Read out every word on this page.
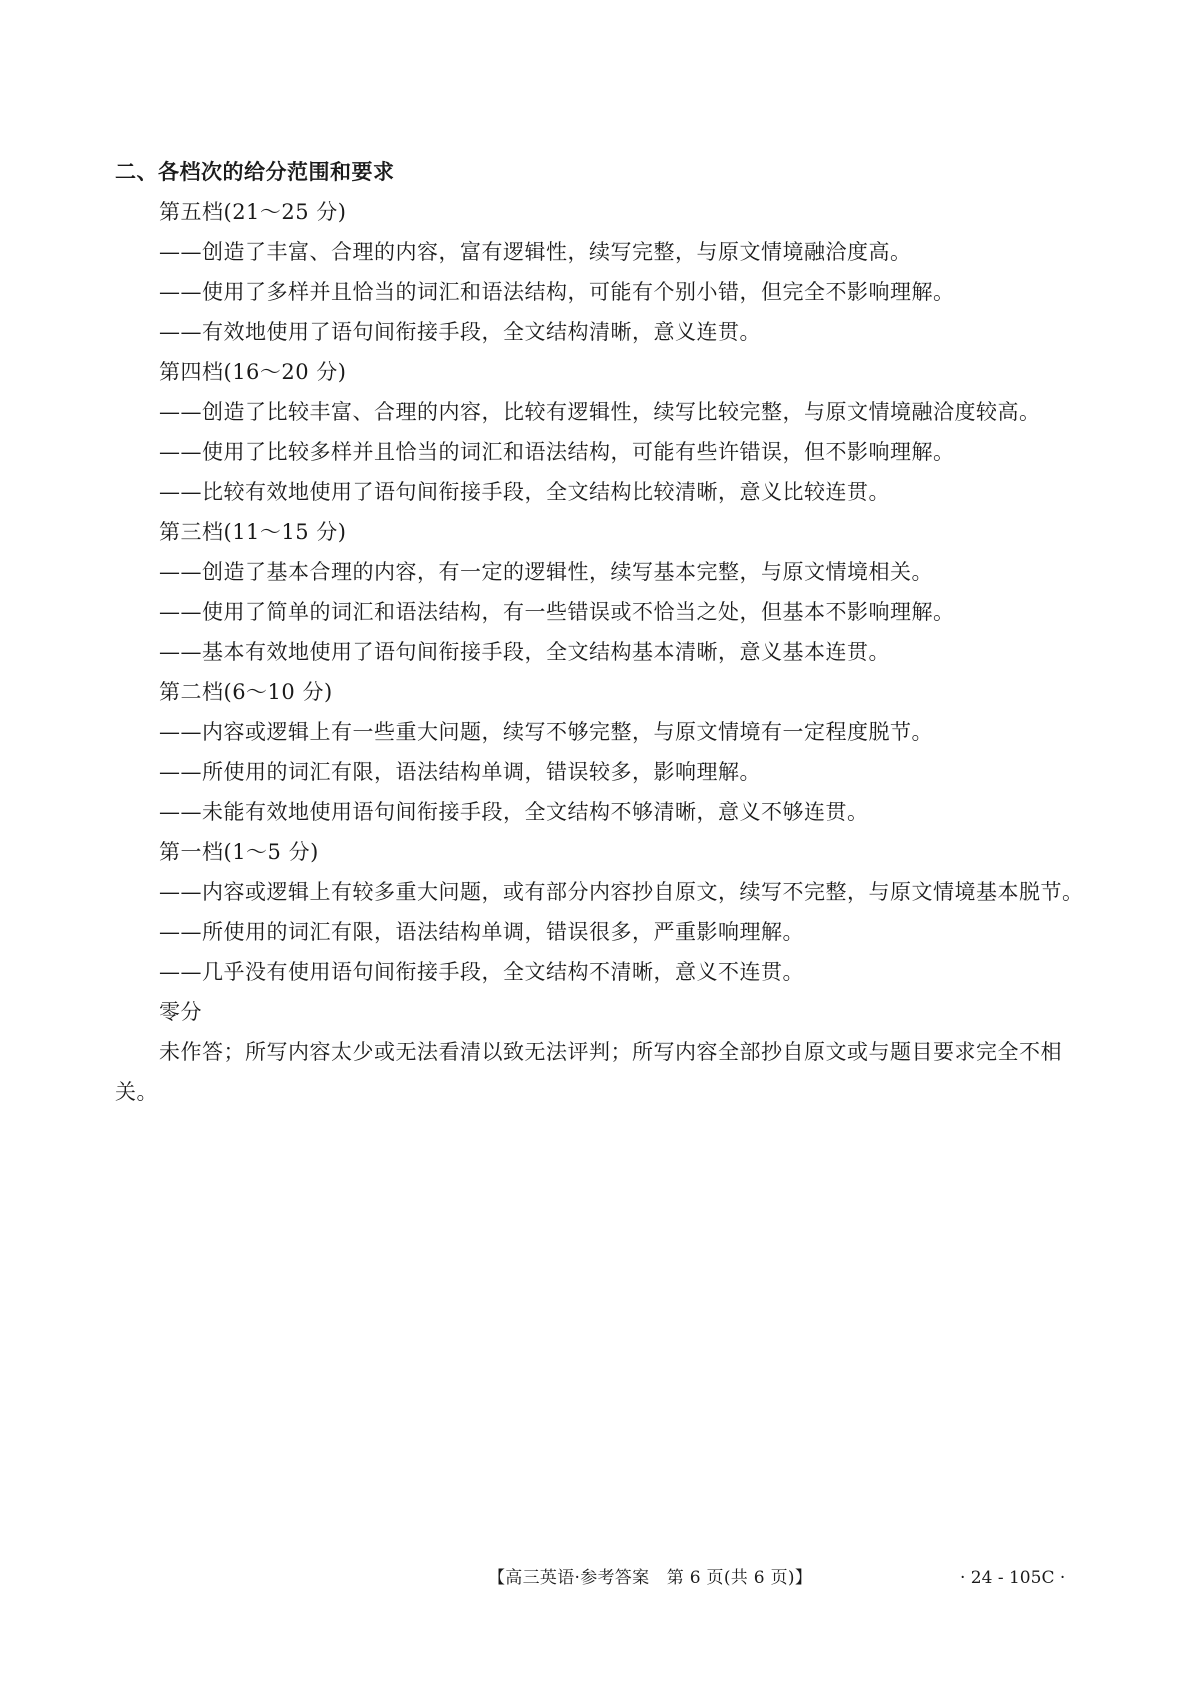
二、各档次的给分范围和要求

第五档(21～25 分)

——创造了丰富、合理的内容，富有逻辑性，续写完整，与原文情境融洽度高。

——使用了多样并且恰当的词汇和语法结构，可能有个别小错，但完全不影响理解。

——有效地使用了语句间衔接手段，全文结构清晰，意义连贯。

第四档(16～20 分)

——创造了比较丰富、合理的内容，比较有逻辑性，续写比较完整，与原文情境融洽度较高。

——使用了比较多样并且恰当的词汇和语法结构，可能有些许错误，但不影响理解。

——比较有效地使用了语句间衔接手段，全文结构比较清晰，意义比较连贯。

第三档(11～15 分)

——创造了基本合理的内容，有一定的逻辑性，续写基本完整，与原文情境相关。

——使用了简单的词汇和语法结构，有一些错误或不恰当之处，但基本不影响理解。

——基本有效地使用了语句间衔接手段，全文结构基本清晰，意义基本连贯。

第二档(6～10 分)

——内容或逻辑上有一些重大问题，续写不够完整，与原文情境有一定程度脱节。

——所使用的词汇有限，语法结构单调，错误较多，影响理解。

——未能有效地使用语句间衔接手段，全文结构不够清晰，意义不够连贯。

第一档(1～5 分)

——内容或逻辑上有较多重大问题，或有部分内容抄自原文，续写不完整，与原文情境基本脱节。

——所使用的词汇有限，语法结构单调，错误很多，严重影响理解。

——几乎没有使用语句间衔接手段，全文结构不清晰，意义不连贯。

零分

未作答；所写内容太少或无法看清以致无法评判；所写内容全部抄自原文或与题目要求完全不相关。

【高三英语·参考答案　第 6 页(共 6 页)】	· 24 - 105C ·
